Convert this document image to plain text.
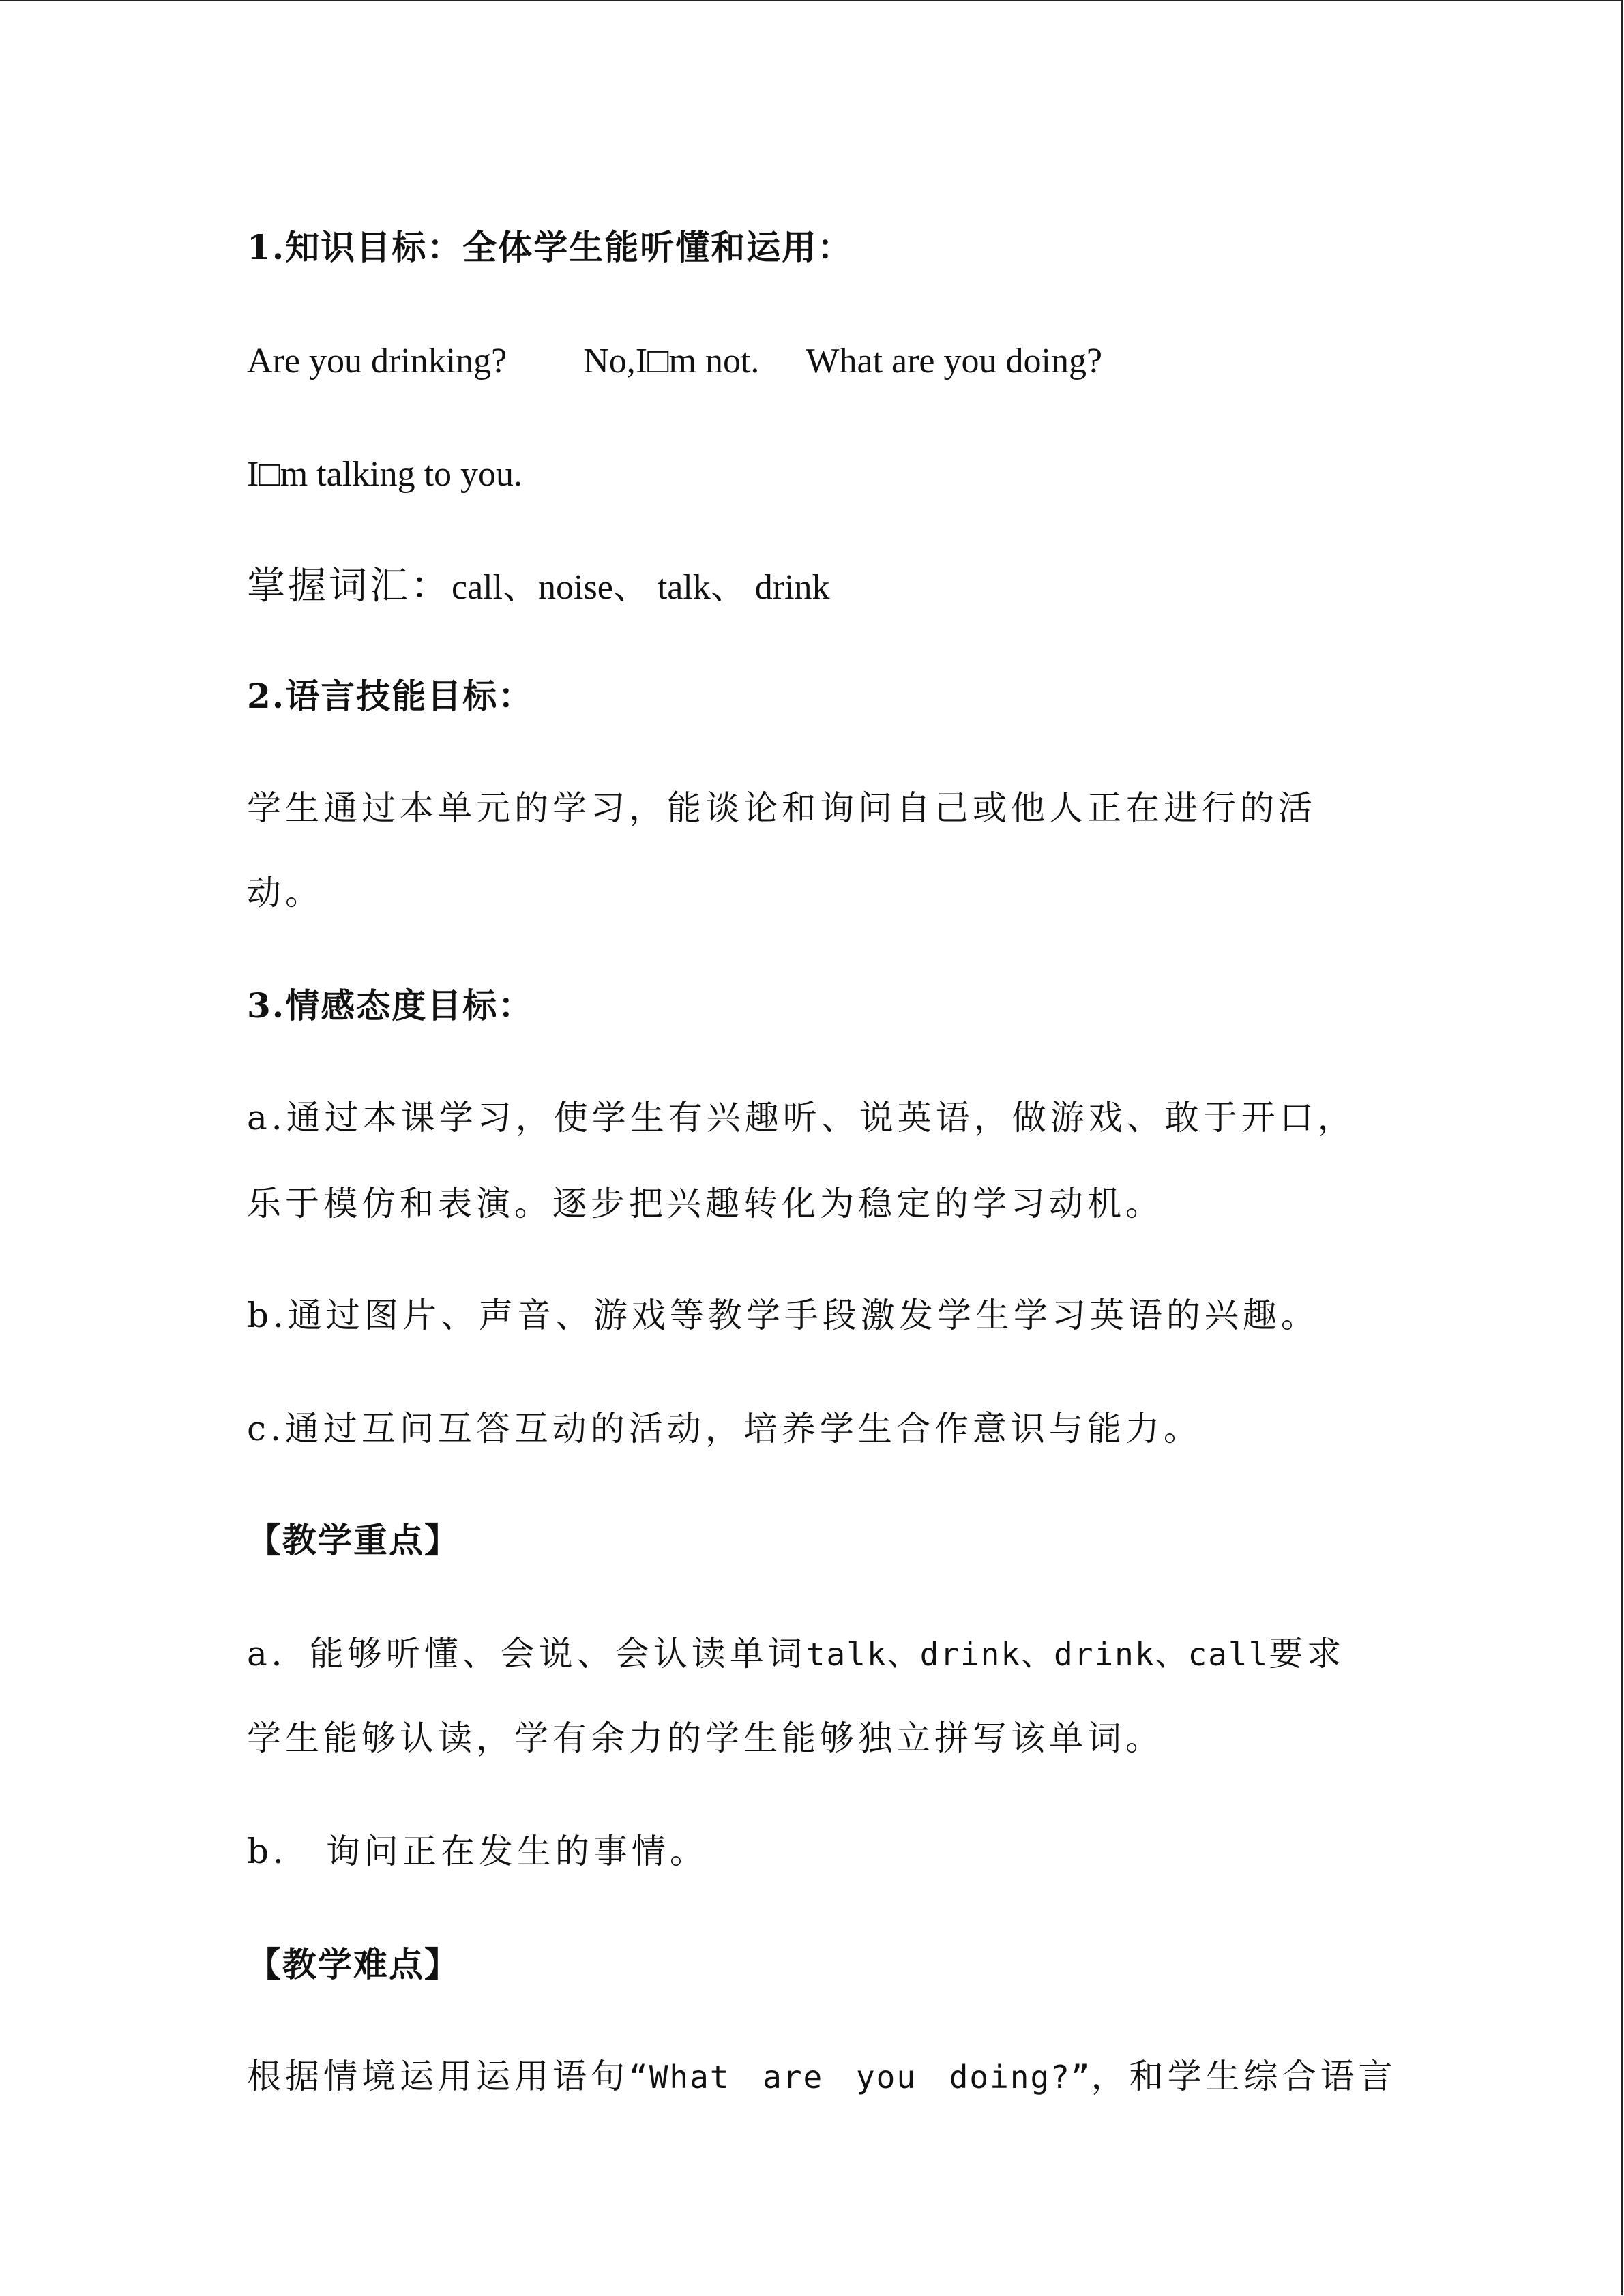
1.知识目标：全体学生能听懂和运用：
Are you drinking? No,I□m not. What are you doing?
I□m talking to you.
掌握词汇：call、noise、 talk、 drink
2.语言技能目标：
学生通过本单元的学习，能谈论和询问自己或他人正在进行的活
动。
3.情感态度目标：
a.通过本课学习，使学生有兴趣听、说英语，做游戏、敢于开口，
乐于模仿和表演。逐步把兴趣转化为稳定的学习动机。
b.通过图片、声音、游戏等教学手段激发学生学习英语的兴趣。
c.通过互问互答互动的活动，培养学生合作意识与能力。
【教学重点】
a．能够听懂、会说、会认读单词talk、drink、drink、call要求
学生能够认读，学有余力的学生能够独立拼写该单词。
b． 询问正在发生的事情。
【教学难点】
根据情境运用运用语句“What are you doing?”，和学生综合语言
